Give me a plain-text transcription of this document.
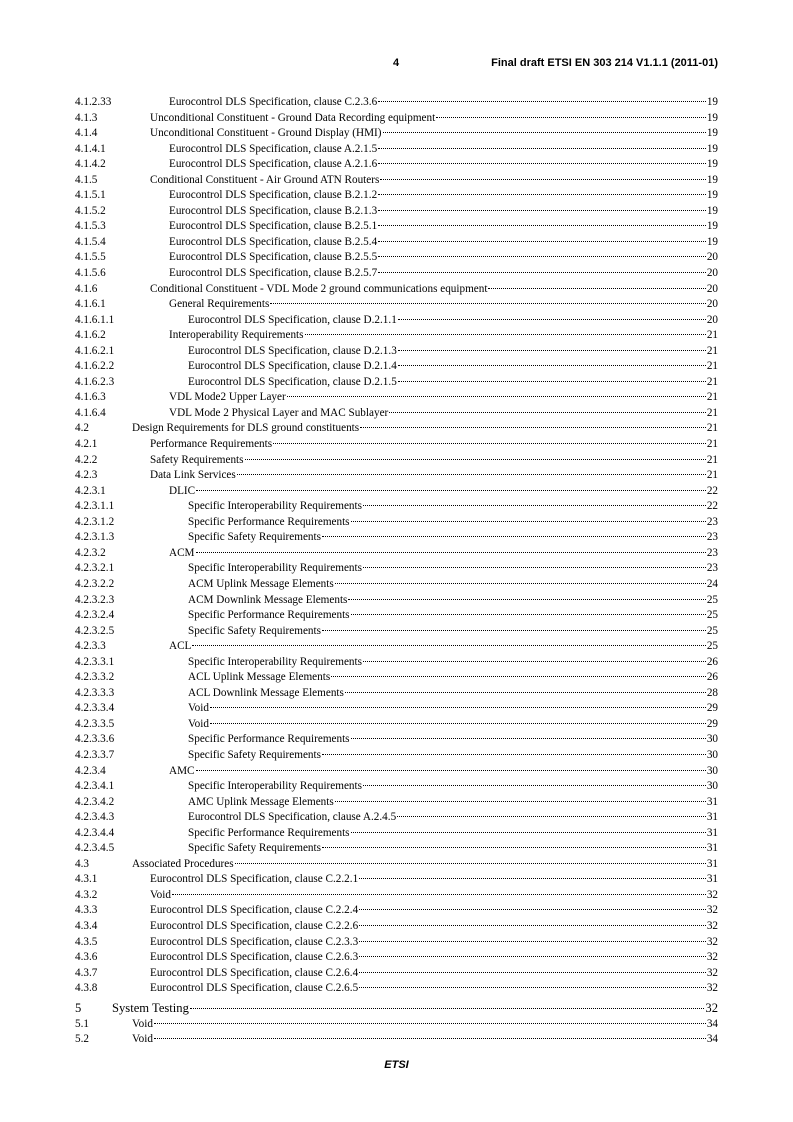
4	Final draft ETSI EN 303 214 V1.1.1 (2011-01)
4.1.2.33	Eurocontrol DLS Specification, clause C.2.3.6	19
4.1.3	Unconditional Constituent - Ground Data Recording equipment	19
4.1.4	Unconditional Constituent - Ground Display (HMI)	19
4.1.4.1	Eurocontrol DLS Specification, clause A.2.1.5	19
4.1.4.2	Eurocontrol DLS Specification, clause A.2.1.6	19
4.1.5	Conditional Constituent - Air Ground ATN Routers	19
4.1.5.1	Eurocontrol DLS Specification, clause B.2.1.2	19
4.1.5.2	Eurocontrol DLS Specification, clause B.2.1.3	19
4.1.5.3	Eurocontrol DLS Specification, clause B.2.5.1	19
4.1.5.4	Eurocontrol DLS Specification, clause B.2.5.4	19
4.1.5.5	Eurocontrol DLS Specification, clause B.2.5.5	20
4.1.5.6	Eurocontrol DLS Specification, clause B.2.5.7	20
4.1.6	Conditional Constituent - VDL Mode 2 ground communications equipment	20
4.1.6.1	General Requirements	20
4.1.6.1.1	Eurocontrol DLS Specification, clause D.2.1.1	20
4.1.6.2	Interoperability Requirements	21
4.1.6.2.1	Eurocontrol DLS Specification, clause D.2.1.3	21
4.1.6.2.2	Eurocontrol DLS Specification, clause D.2.1.4	21
4.1.6.2.3	Eurocontrol DLS Specification, clause D.2.1.5	21
4.1.6.3	VDL Mode2 Upper Layer	21
4.1.6.4	VDL Mode 2 Physical Layer and MAC Sublayer	21
4.2	Design Requirements for DLS ground constituents	21
4.2.1	Performance Requirements	21
4.2.2	Safety Requirements	21
4.2.3	Data Link Services	21
4.2.3.1	DLIC	22
4.2.3.1.1	Specific Interoperability Requirements	22
4.2.3.1.2	Specific Performance Requirements	23
4.2.3.1.3	Specific Safety Requirements	23
4.2.3.2	ACM	23
4.2.3.2.1	Specific Interoperability Requirements	23
4.2.3.2.2	ACM Uplink Message Elements	24
4.2.3.2.3	ACM Downlink Message Elements	25
4.2.3.2.4	Specific Performance Requirements	25
4.2.3.2.5	Specific Safety Requirements	25
4.2.3.3	ACL	25
4.2.3.3.1	Specific Interoperability Requirements	26
4.2.3.3.2	ACL Uplink Message Elements	26
4.2.3.3.3	ACL Downlink Message Elements	28
4.2.3.3.4	Void	29
4.2.3.3.5	Void	29
4.2.3.3.6	Specific Performance Requirements	30
4.2.3.3.7	Specific Safety Requirements	30
4.2.3.4	AMC	30
4.2.3.4.1	Specific Interoperability Requirements	30
4.2.3.4.2	AMC Uplink Message Elements	31
4.2.3.4.3	Eurocontrol DLS Specification, clause A.2.4.5	31
4.2.3.4.4	Specific Performance Requirements	31
4.2.3.4.5	Specific Safety Requirements	31
4.3	Associated Procedures	31
4.3.1	Eurocontrol DLS Specification, clause C.2.2.1	31
4.3.2	Void	32
4.3.3	Eurocontrol DLS Specification, clause C.2.2.4	32
4.3.4	Eurocontrol DLS Specification, clause C.2.2.6	32
4.3.5	Eurocontrol DLS Specification, clause C.2.3.3	32
4.3.6	Eurocontrol DLS Specification, clause C.2.6.3	32
4.3.7	Eurocontrol DLS Specification, clause C.2.6.4	32
4.3.8	Eurocontrol DLS Specification, clause C.2.6.5	32
5	System Testing	32
5.1	Void	34
5.2	Void	34
ETSI
